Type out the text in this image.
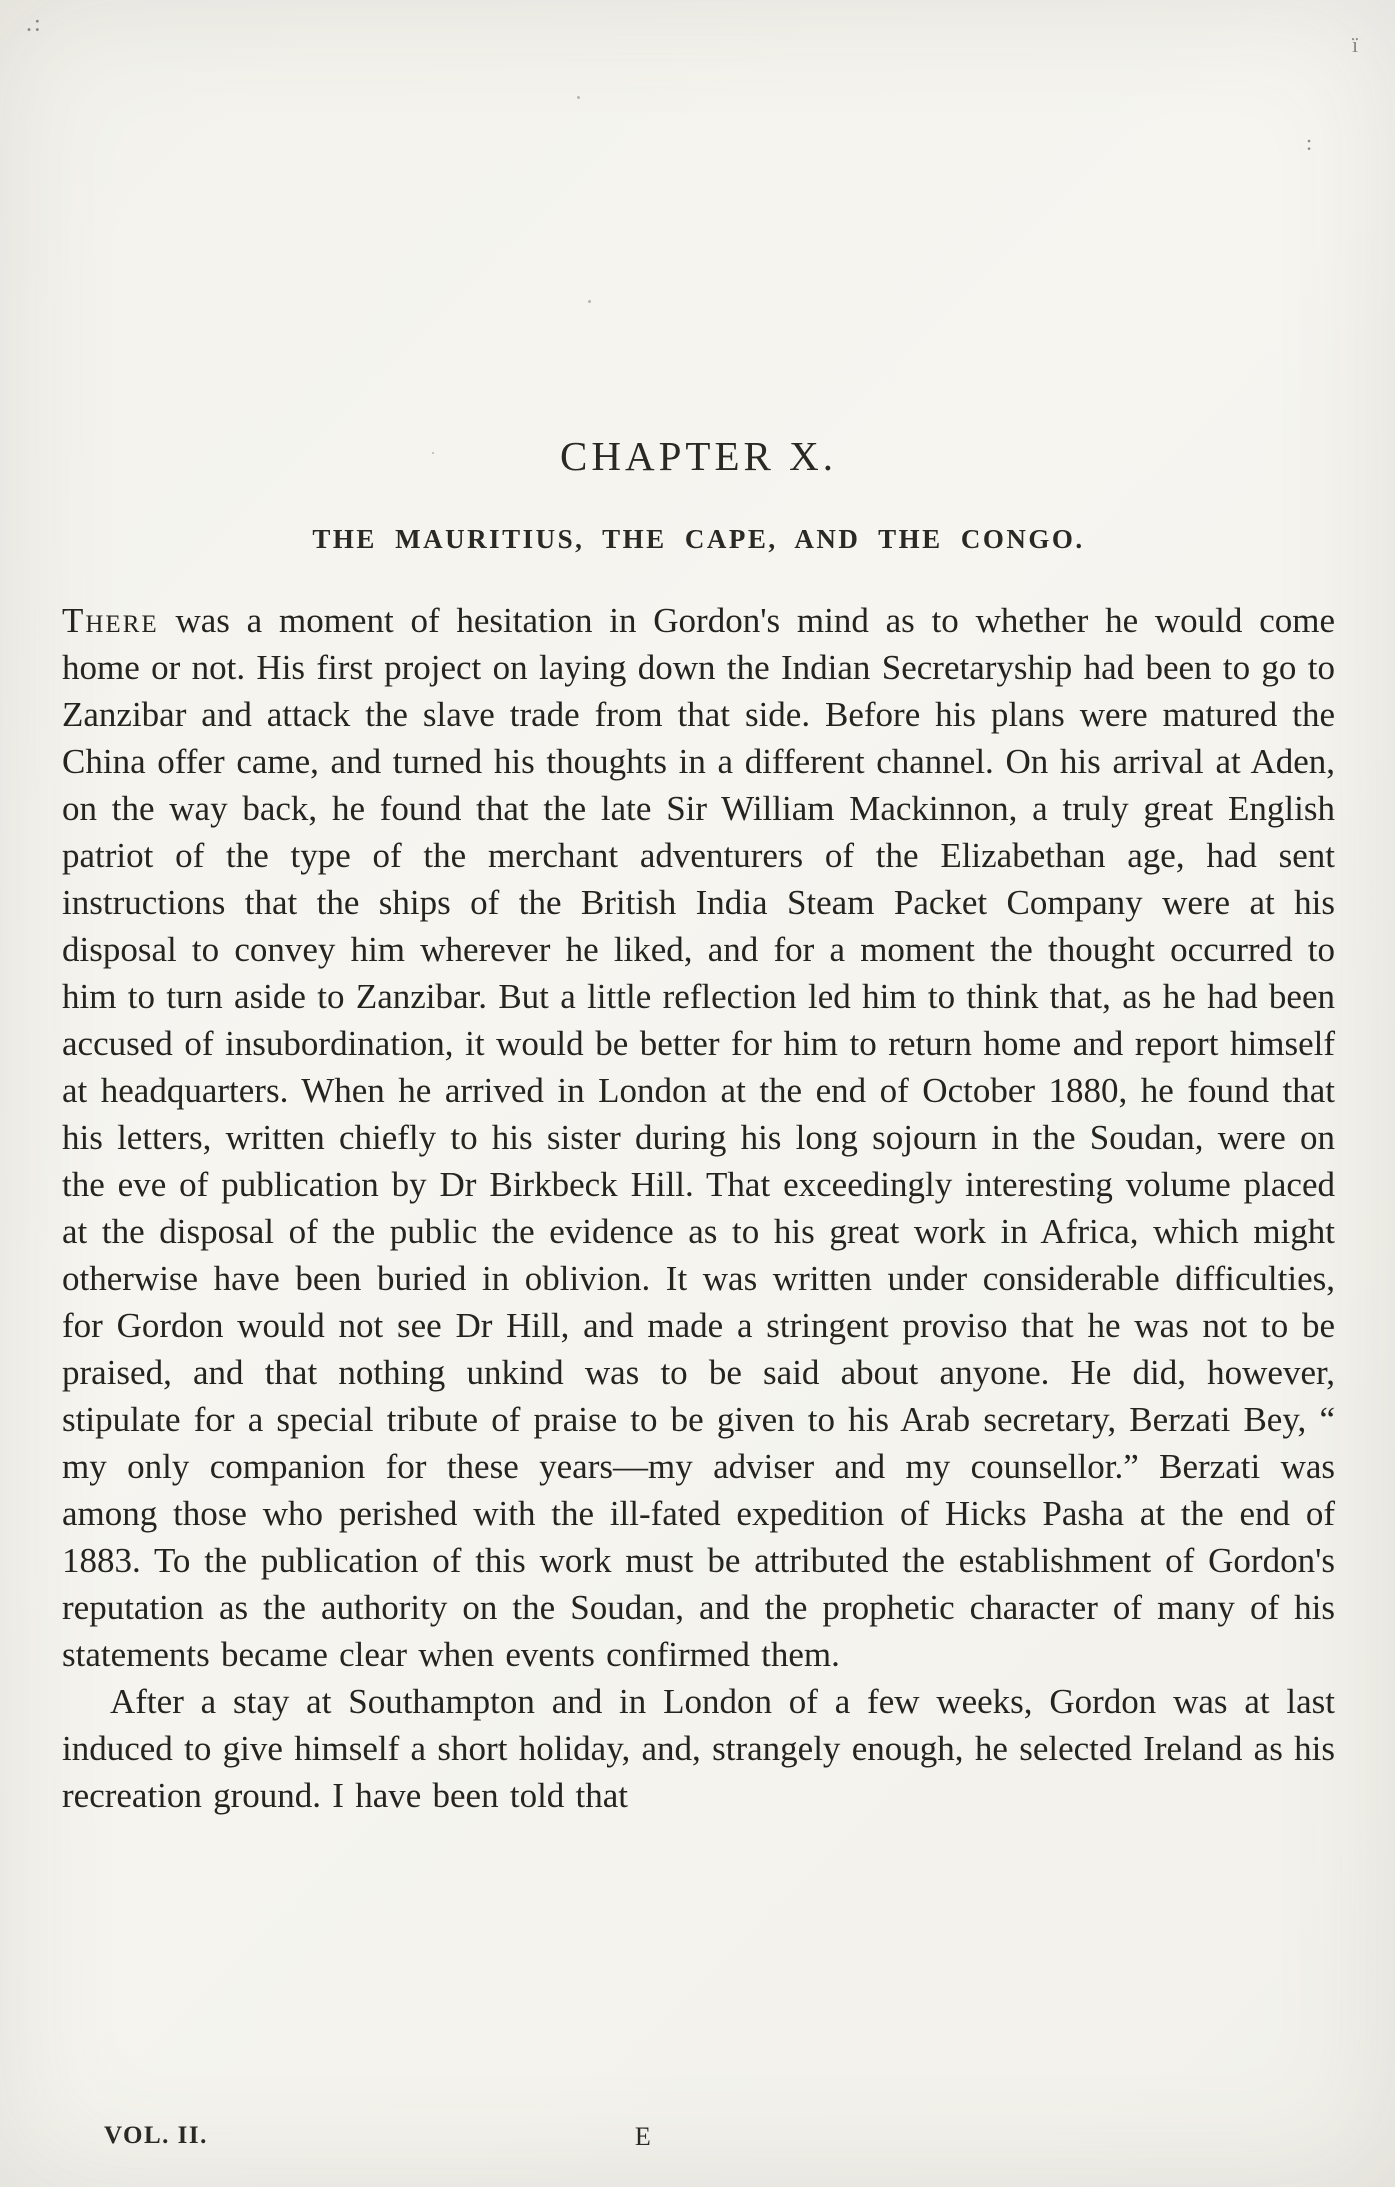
.:
ï
:
CHAPTER X.
THE MAURITIUS, THE CAPE, AND THE CONGO.

There was a moment of hesitation in Gordon's mind as to whether he would come home or not. His first project on laying down the Indian Secretaryship had been to go to Zanzibar and attack the slave trade from that side. Before his plans were matured the China offer came, and turned his thoughts in a different channel. On his arrival at Aden, on the way back, he found that the late Sir William Mackinnon, a truly great English patriot of the type of the merchant adventurers of the Elizabethan age, had sent instructions that the ships of the British India Steam Packet Company were at his disposal to convey him wherever he liked, and for a moment the thought occurred to him to turn aside to Zanzibar. But a little reflection led him to think that, as he had been accused of insubordination, it would be better for him to return home and report himself at headquarters. When he arrived in London at the end of October 1880, he found that his letters, written chiefly to his sister during his long sojourn in the Soudan, were on the eve of publication by Dr Birkbeck Hill. That exceedingly interesting volume placed at the disposal of the public the evidence as to his great work in Africa, which might otherwise have been buried in oblivion. It was written under considerable difficulties, for Gordon would not see Dr Hill, and made a stringent proviso that he was not to be praised, and that nothing unkind was to be said about anyone. He did, however, stipulate for a special tribute of praise to be given to his Arab secretary, Berzati Bey, “ my only companion for these years—my adviser and my counsellor.” Berzati was among those who perished with the ill-fated expedition of Hicks Pasha at the end of 1883. To the publication of this work must be attributed the establishment of Gordon's reputation as the authority on the Soudan, and the prophetic character of many of his statements became clear when events confirmed them.

After a stay at Southampton and in London of a few weeks, Gordon was at last induced to give himself a short holiday, and, strangely enough, he selected Ireland as his recreation ground. I have been told that

VOL. II.	E
